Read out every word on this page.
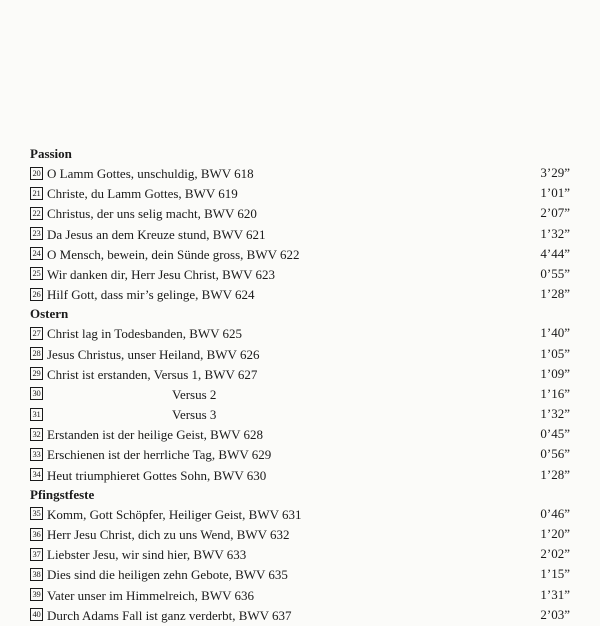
Passion
20 O Lamm Gottes, unschuldig, BWV 618	3’29”
21 Christe, du Lamm Gottes, BWV 619	1’01”
22 Christus, der uns selig macht, BWV 620	2’07”
23 Da Jesus an dem Kreuze stund, BWV 621	1’32”
24 O Mensch, bewein, dein Sünde gross, BWV 622	4’44”
25 Wir danken dir, Herr Jesu Christ, BWV 623	0’55”
26 Hilf Gott, dass mir’s gelinge, BWV 624	1’28”
Ostern
27 Christ lag in Todesbanden, BWV 625	1’40”
28 Jesus Christus, unser Heiland, BWV 626	1’05”
29 Christ ist erstanden, Versus 1, BWV 627	1’09”
30	Versus 2	1’16”
31	Versus 3	1’32”
32 Erstanden ist der heilige Geist, BWV 628	0’45”
33 Erschienen ist der herrliche Tag, BWV 629	0’56”
34 Heut triumphieret Gottes Sohn, BWV 630	1’28”
Pfingstfeste
35 Komm, Gott Schöpfer, Heiliger Geist, BWV 631	0’46”
36 Herr Jesu Christ, dich zu uns Wend, BWV 632	1’20”
37 Liebster Jesu, wir sind hier, BWV 633	2’02”
38 Dies sind die heiligen zehn Gebote, BWV 635	1’15”
39 Vater unser im Himmelreich, BWV 636	1’31”
40 Durch Adams Fall ist ganz verderbt, BWV 637	2’03”
